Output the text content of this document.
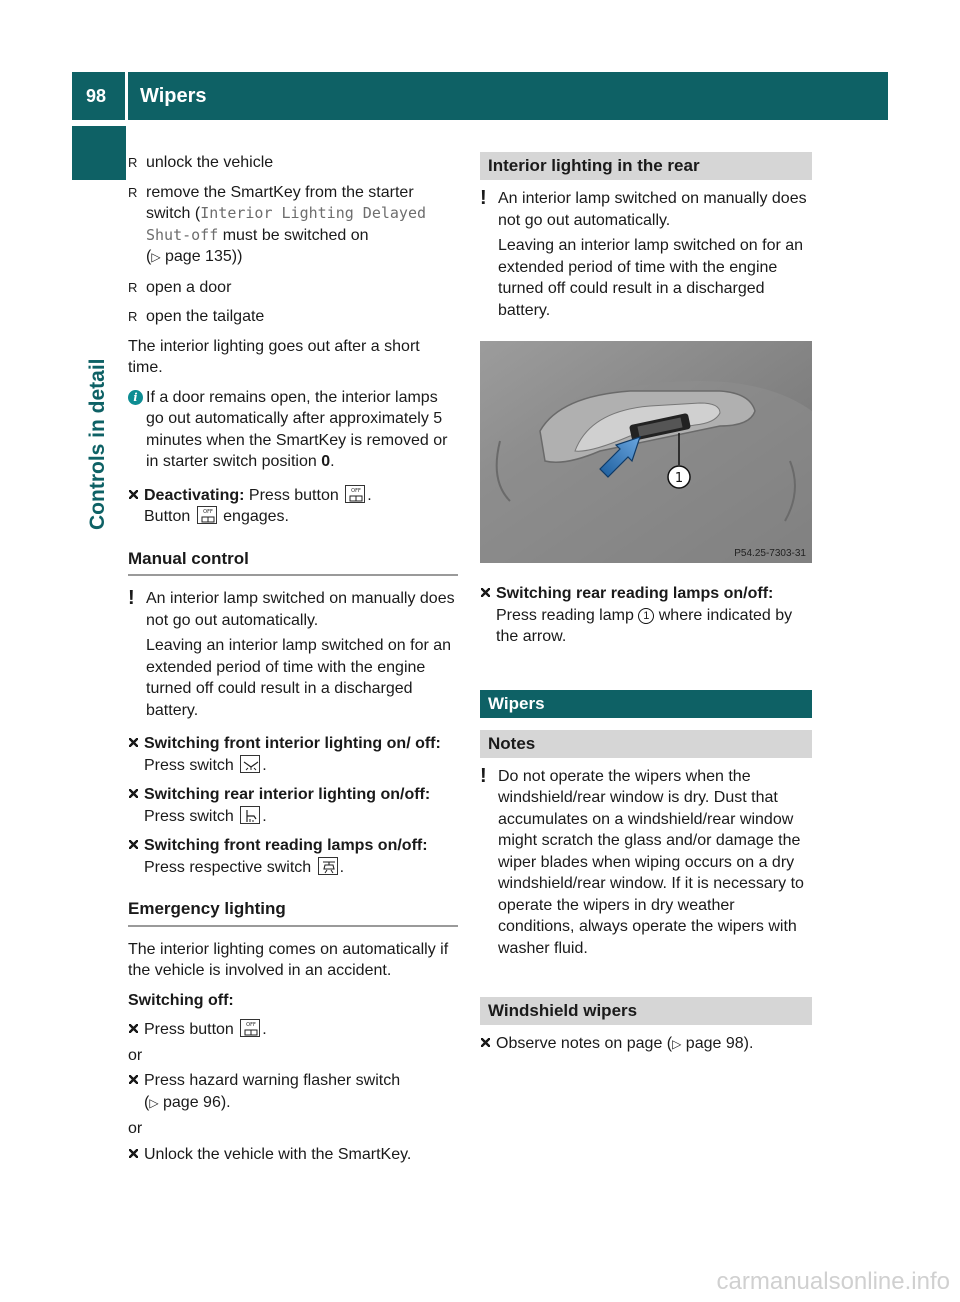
98	Wipers
Controls in detail

R unlock the vehicle

R remove the SmartKey from the starter switch (Interior Lighting Delayed Shut-off must be switched on
(▷ page 135))

R open a door

R open the tailgate

The interior lighting goes out after a short time.

i If a door remains open, the interior lamps go out automatically after approximately 5 minutes when the SmartKey is removed or in starter switch position 0.

Deactivating: Press button OFF .
Button OFF engages.

Manual control
! An interior lamp switched on manually does not go out automatically.

Leaving an interior lamp switched on for an extended period of time with the engine turned off could result in a discharged battery.

Switching front interior lighting on/ off: Press switch
.

Switching rear interior lighting on/off:
Press switch
.

Switching front reading lamps on/off:
Press respective switch
.

Emergency lighting

The interior lighting comes on automatically if the vehicle is involved in an accident.

Switching off:

Press button OFF .

or

Press hazard warning flasher switch
(▷ page 96).

or

Unlock the vehicle with the SmartKey.

Interior lighting in the rear
! An interior lamp switched on manually does not go out automatically.

Leaving an interior lamp switched on for an extended period of time with the engine turned off could result in a discharged battery.

1
P54.25-7303-31

Switching rear reading lamps on/off:
Press reading lamp 1 where indicated by the arrow.

Wipers
Notes
! Do not operate the wipers when the windshield/rear window is dry. Dust that accumulates on a windshield/rear window might scratch the glass and/or damage the wiper blades when wiping occurs on a dry windshield/rear window. If it is necessary to operate the wipers in dry weather conditions, always operate the wipers with washer fluid.

Windshield wipers

Observe notes on page (▷ page 98).

carmanualsonline.info
